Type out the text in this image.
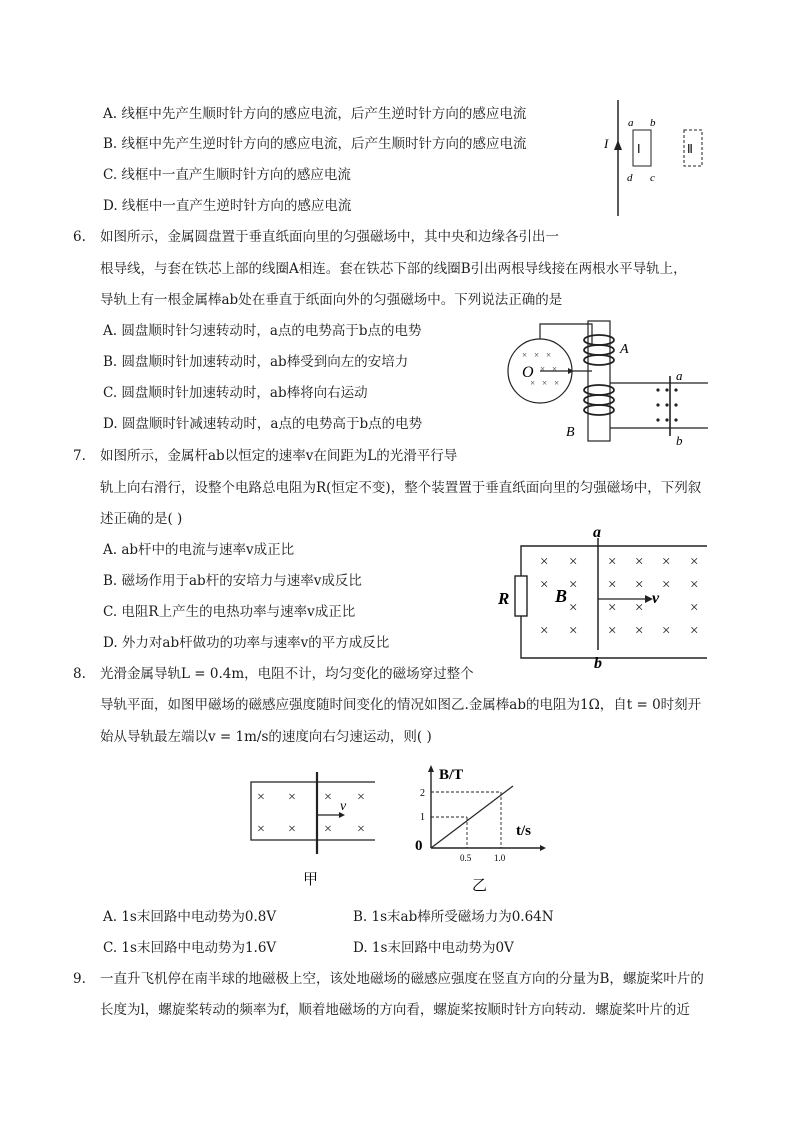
A. 线框中先产生顺时针方向的感应电流，后产生逆时针方向的感应电流
B. 线框中先产生逆时针方向的感应电流，后产生顺时针方向的感应电流
C. 线框中一直产生顺时针方向的感应电流
D. 线框中一直产生逆时针方向的感应电流
I Ⅰ
a b
d c
Ⅱ
6. 如图所示，金属圆盘置于垂直纸面向里的匀强磁场中，其中央和边缘各引出一
根导线，与套在铁芯上部的线圈A相连。套在铁芯下部的线圈B引出两根导线接在两根水平导轨上，
导轨上有一根金属棒ab处在垂直于纸面向外的匀强磁场中。下列说法正确的是
A. 圆盘顺时针匀速转动时，a点的电势高于b点的电势
B. 圆盘顺时针加速转动时，ab棒受到向左的安培力
C. 圆盘顺时针加速转动时，ab棒将向右运动
D. 圆盘顺时针减速转动时，a点的电势高于b点的电势
× × ×
× ×
× × ×
O
A
B
a
b
7. 如图所示，金属杆ab以恒定的速率v在间距为L的光滑平行导
轨上向右滑行，设整个电路总电阻为R(恒定不变)，整个装置置于垂直纸面向里的匀强磁场中，下列叙
述正确的是( )
A. ab杆中的电流与速率v成正比
B. 磁场作用于ab杆的安培力与速率v成反比
C. 电阻R上产生的电热功率与速率v成正比
D. 外力对ab杆做功的功率与速率v的平方成反比
R
a
b
× × × × × ×
× × × × × ×
× × ×	×
× × × × × ×
B	v
8. 光滑金属导轨L = 0.4m，电阻不计，均匀变化的磁场穿过整个
导轨平面，如图甲磁场的磁感应强度随时间变化的情况如图乙.金属棒ab的电阻为1Ω，自t = 0时刻开
始从导轨最左端以v = 1m/s的速度向右匀速运动，则( )
× × × ×
× × × ×
v
甲
B/T
t/s
0
2
1
0.5	1.0
乙
A. 1s末回路中电动势为0.8V	B. 1s末ab棒所受磁场力为0.64N
C. 1s末回路中电动势为1.6V	D. 1s末回路中电动势为0V
9. 一直升飞机停在南半球的地磁极上空，该处地磁场的磁感应强度在竖直方向的分量为B，螺旋桨叶片的
长度为l，螺旋桨转动的频率为f，顺着地磁场的方向看，螺旋桨按顺时针方向转动．螺旋桨叶片的近
